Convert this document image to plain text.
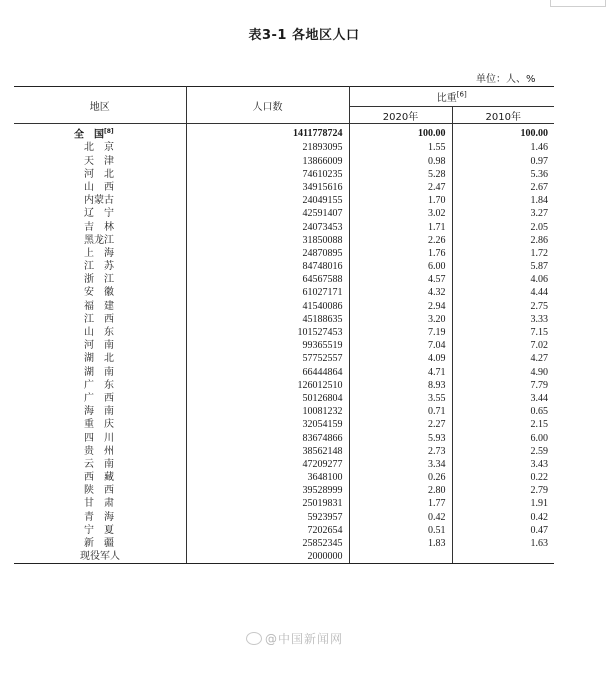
表3-1 各地区人口
单位：人、%
地区	人口数	比重[6]
		2020年	2010年
全　国[8]	1411778724	100.00	100.00
北　京	21893095	1.55	1.46
天　津	13866009	0.98	0.97
河　北	74610235	5.28	5.36
山　西	34915616	2.47	2.67
内蒙古	24049155	1.70	1.84
辽　宁	42591407	3.02	3.27
吉　林	24073453	1.71	2.05
黑龙江	31850088	2.26	2.86
上　海	24870895	1.76	1.72
江　苏	84748016	6.00	5.87
浙　江	64567588	4.57	4.06
安　徽	61027171	4.32	4.44
福　建	41540086	2.94	2.75
江　西	45188635	3.20	3.33
山　东	101527453	7.19	7.15
河　南	99365519	7.04	7.02
湖　北	57752557	4.09	4.27
湖　南	66444864	4.71	4.90
广　东	126012510	8.93	7.79
广　西	50126804	3.55	3.44
海　南	10081232	0.71	0.65
重　庆	32054159	2.27	2.15
四　川	83674866	5.93	6.00
贵　州	38562148	2.73	2.59
云　南	47209277	3.34	3.43
西　藏	3648100	0.26	0.22
陕　西	39528999	2.80	2.79
甘　肃	25019831	1.77	1.91
青　海	5923957	0.42	0.42
宁　夏	7202654	0.51	0.47
新　疆	25852345	1.83	1.63
现役军人	2000000		
@中国新闻网
